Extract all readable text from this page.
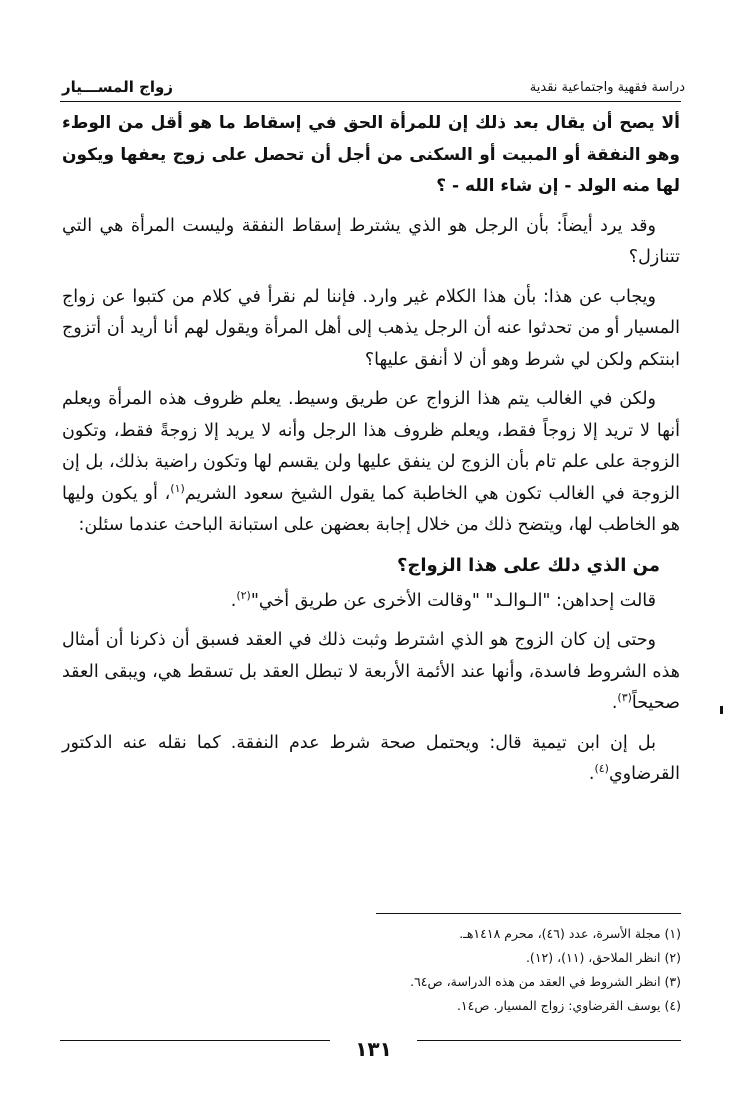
زواج المســـيار	دراسة فقهية واجتماعية نقدية

ألا يصح أن يقال بعد ذلك إن للمرأة الحق في إسقاط ما هو أقل من الوطء وهو النفقة أو المبيت أو السكنى من أجل أن تحصل على زوج يعفها ويكون لها منه الولد - إن شاء الله - ؟

وقد يرد أيضاً: بأن الرجل هو الذي يشترط إسقاط النفقة وليست المرأة هي التي تتنازل؟

ويجاب عن هذا: بأن هذا الكلام غير وارد. فإننا لم نقرأ في كلام من كتبوا عن زواج المسيار أو من تحدثوا عنه أن الرجل يذهب إلى أهل المرأة ويقول لهم أنا أريد أن أتزوج ابنتكم ولكن لي شرط وهو أن لا أنفق عليها؟

ولكن في الغالب يتم هذا الزواج عن طريق وسيط. يعلم ظروف هذه المرأة ويعلم أنها لا تريد إلا زوجاً فقط، ويعلم ظروف هذا الرجل وأنه لا يريد إلا زوجةً فقط، وتكون الزوجة على علم تام بأن الزوج لن ينفق عليها ولن يقسم لها وتكون راضية بذلك، بل إن الزوجة في الغالب تكون هي الخاطبة كما يقول الشيخ سعود الشريم$^{(١)}$، أو يكون وليها هو الخاطب لها، ويتضح ذلك من خلال إجابة بعضهن على استبانة الباحث عندما سئلن:

من الذي دلك على هذا الزواج؟

قالت إحداهن: "الـوالـد" "وقالت الأخرى عن طريق أخي"$^{(٢)}$.

وحتى إن كان الزوج هو الذي اشترط وثبت ذلك في العقد فسبق أن ذكرنا أن أمثال هذه الشروط فاسدة، وأنها عند الأئمة الأربعة لا تبطل العقد بل تسقط هي، ويبقى العقد صحيحاً$^{(٣)}$.

بل إن ابن تيمية قال: ويحتمل صحة شرط عدم النفقة. كما نقله عنه الدكتور القرضاوي$^{(٤)}$.

(١) مجلة الأسرة، عدد (٤٦)، محرم ١٤١٨هـ.

(٢) انظر الملاحق، (١١)، (١٢).

(٣) انظر الشروط في العقد من هذه الدراسة، ص٦٤.

(٤) يوسف القرضاوي: زواج المسيار. ص١٤.

١٣١
